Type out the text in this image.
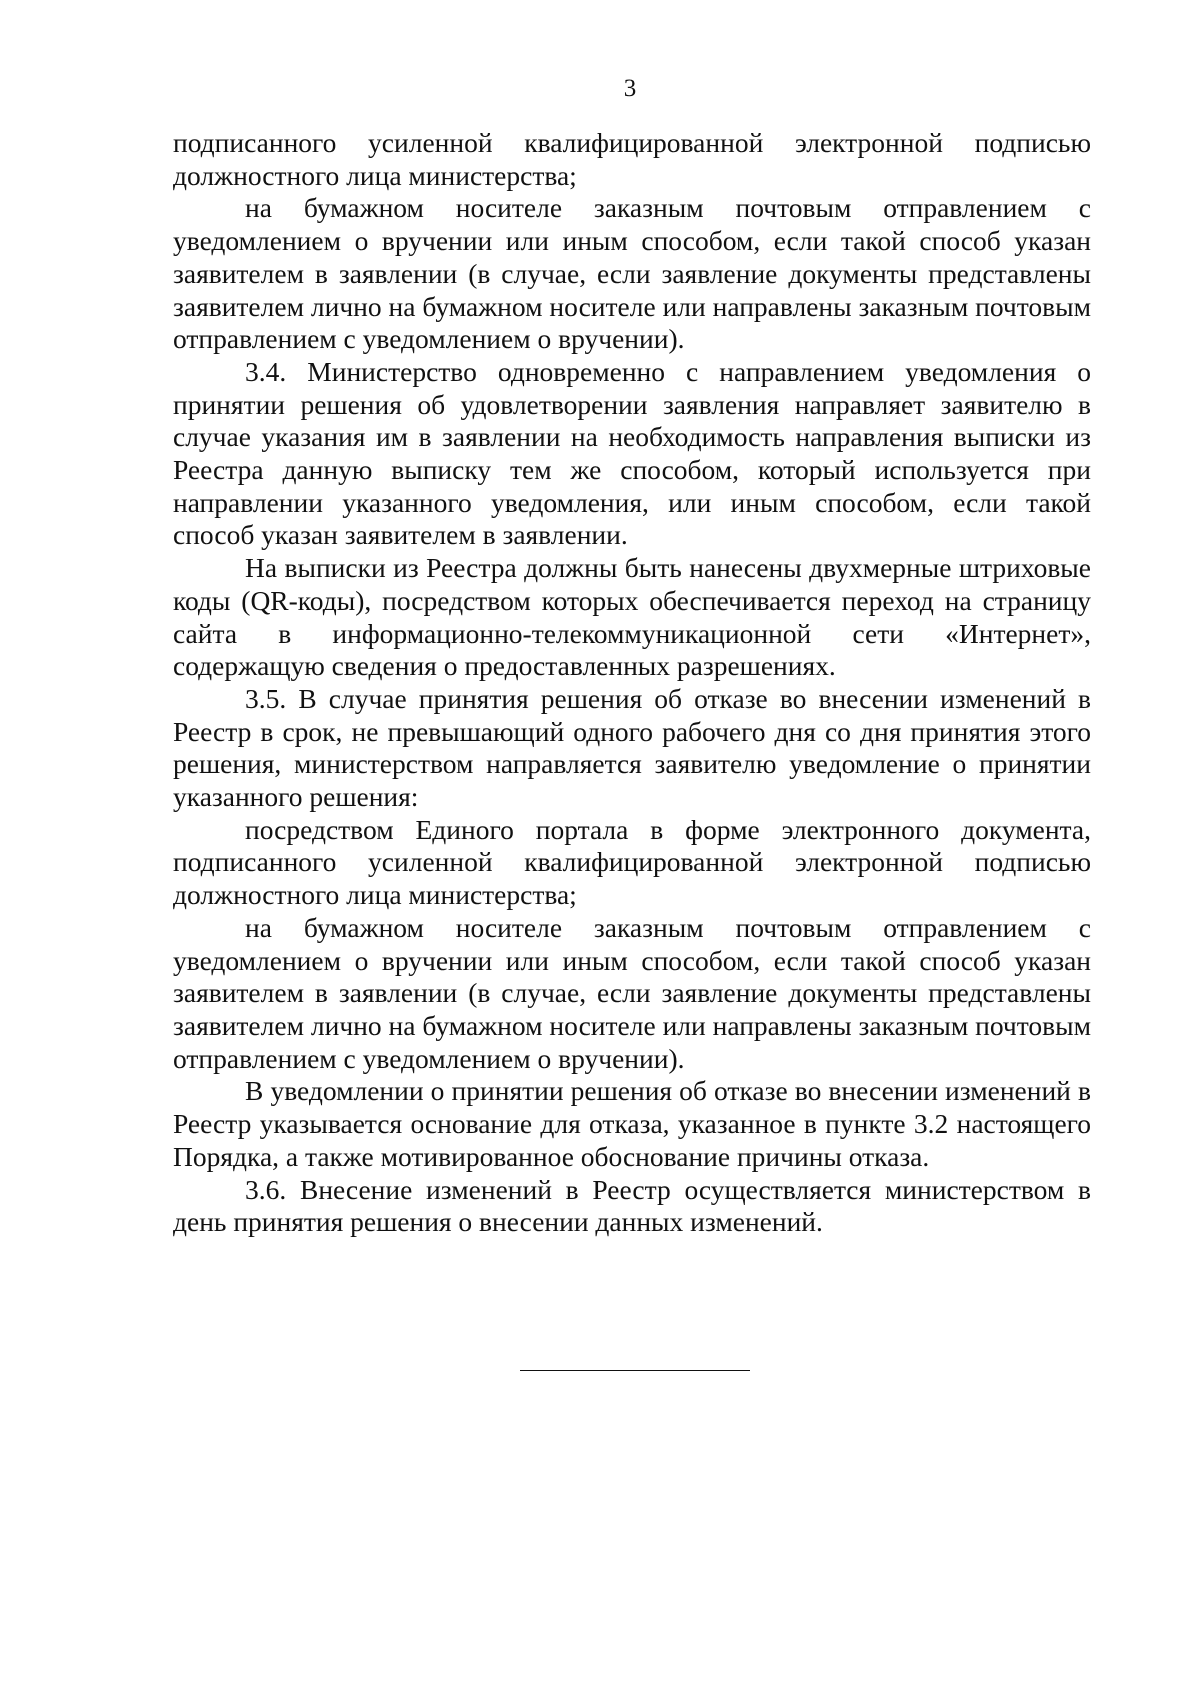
3

подписанного усиленной квалифицированной электронной подписью должностного лица министерства;

на бумажном носителе заказным почтовым отправлением с уведомлением о вручении или иным способом, если такой способ указан заявителем в заявлении (в случае, если заявление документы представлены заявителем лично на бумажном носителе или направлены заказным почтовым отправлением с уведомлением о вручении).

3.4. Министерство одновременно с направлением уведомления о принятии решения об удовлетворении заявления направляет заявителю в случае указания им в заявлении на необходимость направления выписки из Реестра данную выписку тем же способом, который используется при направлении указанного уведомления, или иным способом, если такой способ указан заявителем в заявлении.

На выписки из Реестра должны быть нанесены двухмерные штриховые коды (QR-коды), посредством которых обеспечивается переход на страницу сайта в информационно-телекоммуникационной сети «Интернет», содержащую сведения о предоставленных разрешениях.

3.5. В случае принятия решения об отказе во внесении изменений в Реестр в срок, не превышающий одного рабочего дня со дня принятия этого решения, министерством направляется заявителю уведомление о принятии указанного решения:

посредством Единого портала в форме электронного документа, подписанного усиленной квалифицированной электронной подписью должностного лица министерства;

на бумажном носителе заказным почтовым отправлением с уведомлением о вручении или иным способом, если такой способ указан заявителем в заявлении (в случае, если заявление документы представлены заявителем лично на бумажном носителе или направлены заказным почтовым отправлением с уведомлением о вручении).

В уведомлении о принятии решения об отказе во внесении изменений в Реестр указывается основание для отказа, указанное в пункте 3.2 настоящего Порядка, а также мотивированное обоснование причины отказа.

3.6. Внесение изменений в Реестр осуществляется министерством в день принятия решения о внесении данных изменений.
